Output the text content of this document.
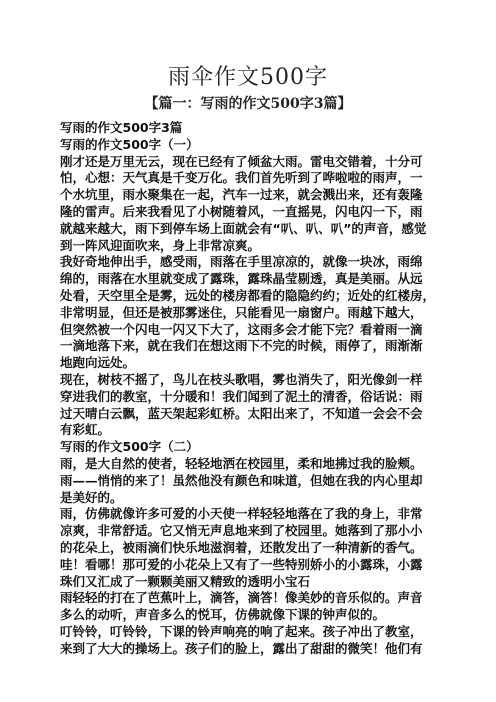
雨伞作文500字
【篇一：写雨的作文500字3篇】
写雨的作文500字3篇
写雨的作文500字（一）
刚才还是万里无云，现在已经有了倾盆大雨。雷电交错着，十分可
怕，心想：天气真是千变万化。我们首先听到了哗啦啦的雨声，一
个水坑里，雨水聚集在一起，汽车一过来，就会溅出来，还有轰隆
隆的雷声。后来我看见了小树随着风，一直摇晃，闪电闪一下，雨
就越来越大，雨下到停车场上面就会有“叭、叭、叭”的声音，感觉
到一阵风迎面吹来，身上非常凉爽。
我好奇地伸出手，感受雨，雨落在手里凉凉的，就像一块冰，雨绵
绵的，雨落在水里就变成了露珠，露珠晶莹剔透，真是美丽。从远
处看，天空里全是雾，远处的楼房都看的隐隐约约；近处的红楼房，
非常明显，但还是被那雾迷住，只能看见一扇窗户。雨越下越大，
但突然被一个闪电一闪又下大了，这雨多会才能下完？看着雨一滴
一滴地落下来，就在我们在想这雨下不完的时候，雨停了，雨渐渐
地跑向远处。
现在，树枝不摇了，鸟儿在枝头歌唱，雾也消失了，阳光像剑一样
穿进我们的教室，十分暖和！我们闻到了泥土的清香，俗话说：雨
过天晴白云飘，蓝天架起彩虹桥。太阳出来了，不知道一会会不会
有彩虹。
写雨的作文500字（二）
雨，是大自然的使者，轻轻地洒在校园里，柔和地拂过我的脸颊。
雨——悄悄的来了！虽然他没有颜色和味道，但她在我的内心里却
是美好的。
雨，仿佛就像许多可爱的小天使一样轻轻地落在了我的身上，非常
凉爽，非常舒适。它又悄无声息地来到了校园里。她落到了那小小
的花朵上，被雨滴们快乐地滋润着，还散发出了一种清新的香气。
哇！看哪！那可爱的小花朵上又有了一些特别娇小的小露珠，小露
珠们又汇成了一颗颗美丽又精致的透明小宝石
雨轻轻的打在了芭蕉叶上，滴答，滴答！像美妙的音乐似的。声音
多么的动听，声音多么的悦耳，仿佛就像下课的钟声似的。
叮铃铃，叮铃铃，下课的铃声响亮的响了起来。孩子冲出了教室，
来到了大大的操场上。孩子们的脸上，露出了甜甜的微笑！他们有
